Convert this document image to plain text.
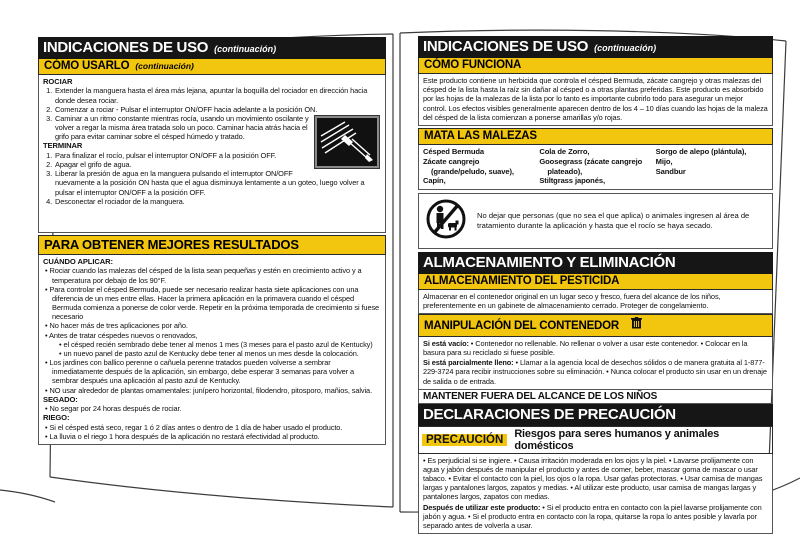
INDICACIONES DE USO (continuación)
CÓMO USARLO (continuación)
ROCIAR
1. Extender la manguera hasta el área más lejana, apuntar la boquilla del rociador en dirección hacia donde desea rociar.
2. Comenzar a rociar - Pulsar el interruptor ON/OFF hacia adelante a la posición ON.
3. Caminar a un ritmo constante mientras rocía, usando un movimiento oscilante y volver a regar la misma área tratada solo un poco. Caminar hacia atrás hacia el grifo para evitar caminar sobre el césped húmedo y tratado.
TERMINAR
1. Para finalizar el rocío, pulsar el interruptor ON/OFF a la posición OFF.
2. Apagar el grifo de agua.
3. Liberar la presión de agua en la manguera pulsando el interruptor ON/OFF nuevamente a la posición ON hasta que el agua disminuya lentamente a un goteo, luego volver a pulsar el interruptor ON/OFF a la posición OFF.
4. Desconectar el rociador de la manguera.
PARA OBTENER MEJORES RESULTADOS
CUÁNDO APLICAR:
• Rociar cuando las malezas del césped de la lista sean pequeñas y estén en crecimiento activo y a temperatura por debajo de los 90°F.
• Para controlar el césped Bermuda, puede ser necesario realizar hasta siete aplicaciones con una diferencia de un mes entre ellas. Hacer la primera aplicación en la primavera cuando el césped Bermuda comienza a ponerse de color verde. Repetir en la próxima temporada de crecimiento si fuese necesario
• No hacer más de tres aplicaciones por año.
• Antes de tratar céspedes nuevos o renovados,
• el césped recién sembrado debe tener al menos 1 mes (3 meses para el pasto azul de Kentucky)
• un nuevo panel de pasto azul de Kentucky debe tener al menos un mes desde la colocación.
• Los jardines con ballico perenne o cañuela perenne tratados pueden volverse a sembrar inmediatamente después de la aplicación, sin embargo, debe esperar 3 semanas para volver a sembrar después una aplicación al pasto azul de Kentucky.
• NO usar alrededor de plantas ornamentales: junípero horizontal, filodendro, pitosporo, mañios, salvia.
SEGADO:
• No segar por 24 horas después de rociar.
RIEGO:
• Si el césped está seco, regar 1 ó 2 días antes o dentro de 1 día de haber usado el producto.
• La lluvia o el riego 1 hora después de la aplicación no restará efectividad al producto.
INDICACIONES DE USO (continuación)
CÓMO FUNCIONA

Este producto contiene un herbicida que controla el césped Bermuda, zácate cangrejo y otras malezas del césped de la lista hasta la raíz sin dañar al césped o a otras plantas preferidas. Este producto es absorbido por las hojas de la malezas de la lista por lo tanto es importante cubrirlo todo para asegurar un mejor control. Los efectos visibles generalmente aparecen dentro de los 4 – 10 días cuando las hojas de la maleza del césped de la lista comienzan a ponerse amarillas y/o rojas.

MATA LAS MALEZAS
Césped Bermuda
Zácate cangrejo
(grande/peludo, suave),
Capín,
Cola de Zorro,
Goosegrass (zácate cangrejo
plateado),
Stiltgrass japonés,
Sorgo de alepo (plántula),
Mijo,
Sandbur
No dejar que personas (que no sea el que aplica) o animales ingresen al área de tratamiento durante la aplicación y hasta que el rocío se haya secado.
ALMACENAMIENTO Y ELIMINACIÓN
ALMACENAMIENTO DEL PESTICIDA

Almacenar en el contenedor original en un lugar seco y fresco, fuera del alcance de los niños, preferentemente en un gabinete de almacenamiento cerrado. Proteger de congelamiento.

MANIPULACIÓN DEL CONTENEDOR

Si está vacío: • Contenedor no rellenable. No rellenar o volver a usar este contenedor. • Colocar en la basura para su reciclado si fuese posible.

Si está parcialmente lleno: • Llamar a la agencia local de desechos sólidos o de manera gratuita al 1-877-229-3724 para recibir instrucciones sobre su eliminación. • Nunca colocar el producto sin usar en un drenaje de salida o de entrada.

MANTENER FUERA DEL ALCANCE DE LOS NIÑOS
DECLARACIONES DE PRECAUCIÓN
PRECAUCIÓN	Riesgos para seres humanos y animales domésticos

• Es perjudicial si se ingiere. • Causa irritación moderada en los ojos y la piel. • Lavarse prolijamente con agua y jabón después de manipular el producto y antes de comer, beber, mascar goma de mascar o usar tabaco. • Evitar el contacto con la piel, los ojos o la ropa. Usar gafas protectoras. • Usar camisa de mangas largas y pantalones largos, zapatos y medias. • Al utilizar este producto, usar camisa de mangas largas y pantalones largos, zapatos con medias.

Después de utilizar este producto: • Si el producto entra en contacto con la piel lavarse prolijamente con jabón y agua. • Si el producto entra en contacto con la ropa, quitarse la ropa lo antes posible y lavarla por separado antes de volverla a usar.
